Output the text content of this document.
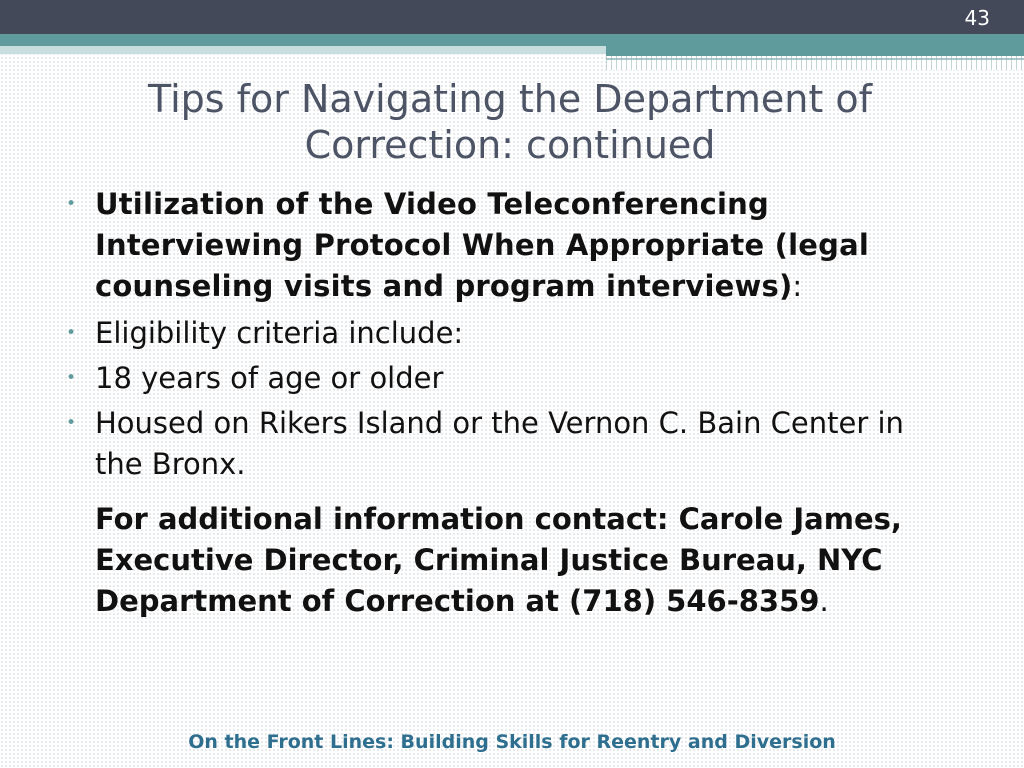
43
Tips for Navigating the Department of Correction: continued
• Utilization of the Video Teleconferencing Interviewing Protocol When Appropriate (legal counseling visits and program interviews):
• Eligibility criteria include:
• 18 years of age or older
• Housed on Rikers Island or the Vernon C. Bain Center in the Bronx.
For additional information contact: Carole James, Executive Director, Criminal Justice Bureau, NYC Department of Correction at (718) 546-8359.
On the Front Lines: Building Skills for Reentry and Diversion
